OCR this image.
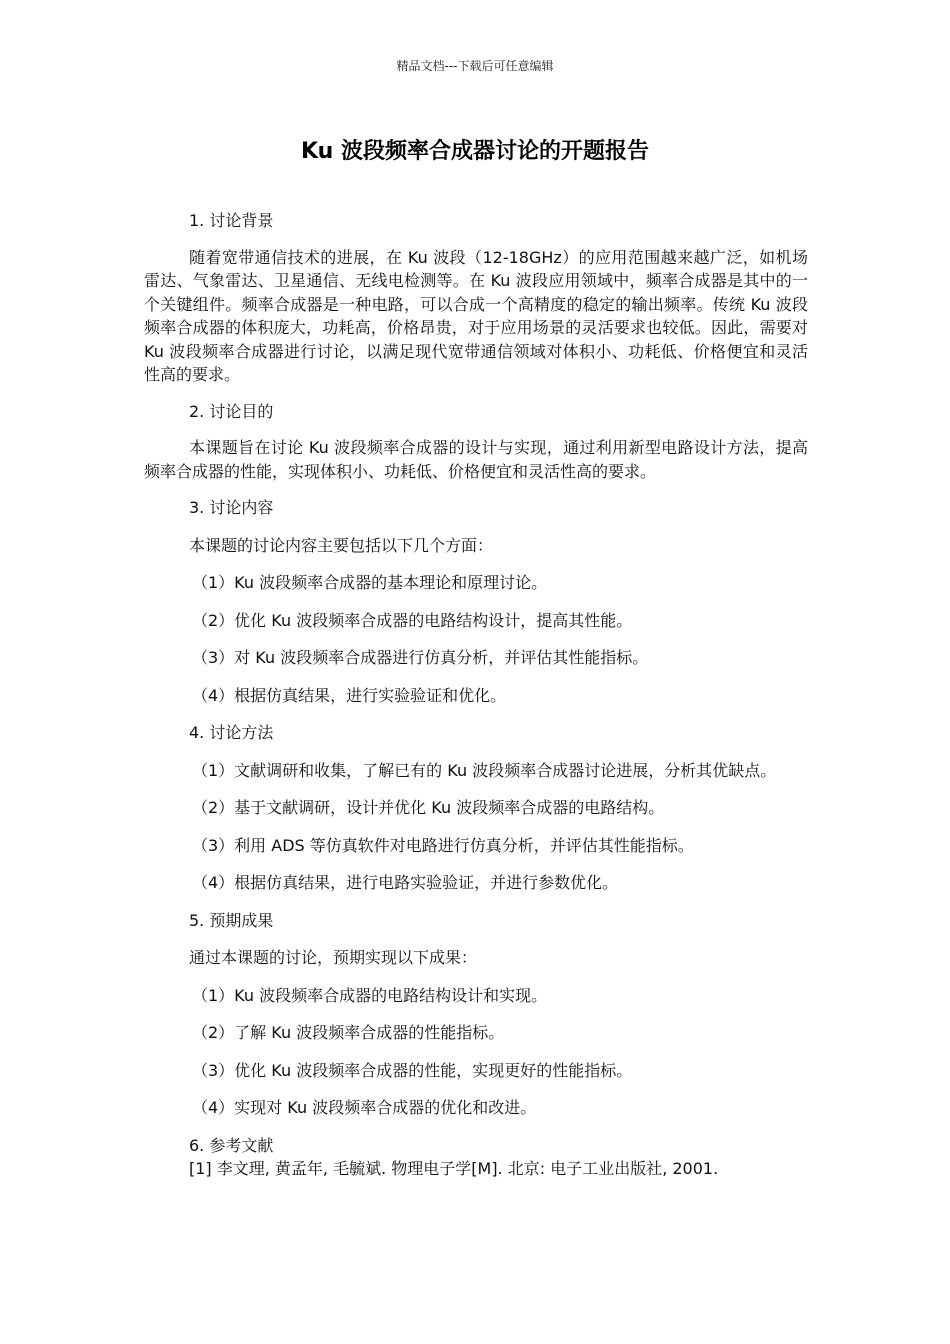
精品文档---下载后可任意编辑
Ku 波段频率合成器讨论的开题报告

1. 讨论背景

随着宽带通信技术的进展，在 Ku 波段（12-18GHz）的应用范围越来越广泛，如机场雷达、气象雷达、卫星通信、无线电检测等。在 Ku 波段应用领域中，频率合成器是其中的一个关键组件。频率合成器是一种电路，可以合成一个高精度的稳定的输出频率。传统 Ku 波段频率合成器的体积庞大，功耗高，价格昂贵，对于应用场景的灵活要求也较低。因此，需要对 Ku 波段频率合成器进行讨论，以满足现代宽带通信领域对体积小、功耗低、价格便宜和灵活性高的要求。

2. 讨论目的

本课题旨在讨论 Ku 波段频率合成器的设计与实现，通过利用新型电路设计方法，提高频率合成器的性能，实现体积小、功耗低、价格便宜和灵活性高的要求。

3. 讨论内容

本课题的讨论内容主要包括以下几个方面：

（1）Ku 波段频率合成器的基本理论和原理讨论。

（2）优化 Ku 波段频率合成器的电路结构设计，提高其性能。

（3）对 Ku 波段频率合成器进行仿真分析，并评估其性能指标。

（4）根据仿真结果，进行实验验证和优化。

4. 讨论方法

（1）文献调研和收集，了解已有的 Ku 波段频率合成器讨论进展，分析其优缺点。

（2）基于文献调研，设计并优化 Ku 波段频率合成器的电路结构。

（3）利用 ADS 等仿真软件对电路进行仿真分析，并评估其性能指标。

（4）根据仿真结果，进行电路实验验证，并进行参数优化。

5. 预期成果

通过本课题的讨论，预期实现以下成果：

（1）Ku 波段频率合成器的电路结构设计和实现。

（2）了解 Ku 波段频率合成器的性能指标。

（3）优化 Ku 波段频率合成器的性能，实现更好的性能指标。

（4）实现对 Ku 波段频率合成器的优化和改进。

6. 参考文献

[1] 李文理, 黄孟年, 毛毓斌. 物理电子学[M]. 北京: 电子工业出版社, 2001.
